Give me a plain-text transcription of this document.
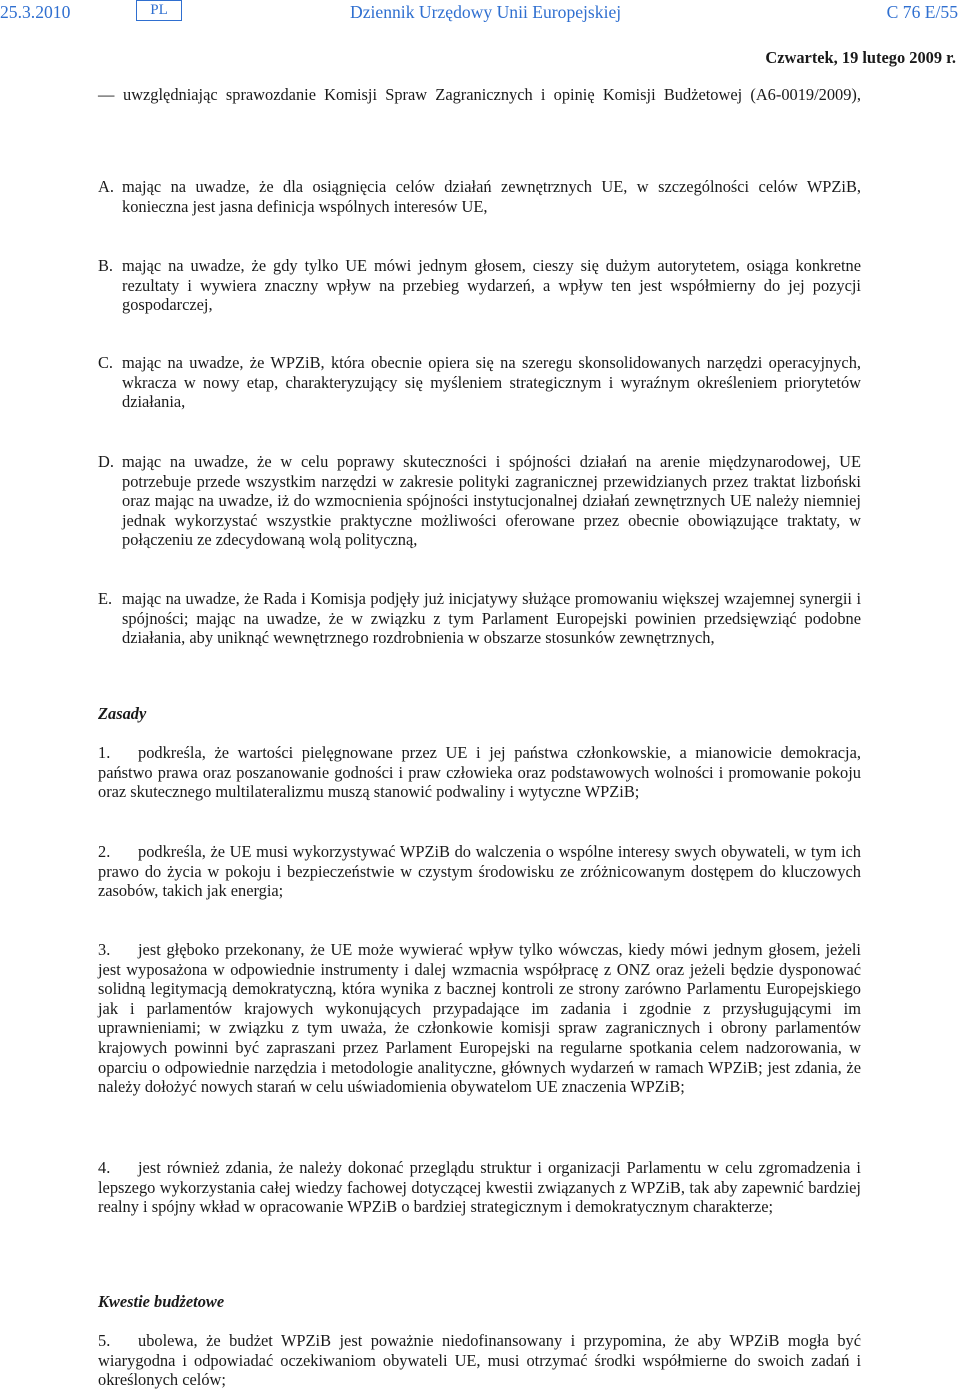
25.3.2010	PL	Dziennik Urzędowy Unii Europejskiej	C 76 E/55
Czwartek, 19 lutego 2009 r.

— uwzględniając sprawozdanie Komisji Spraw Zagranicznych i opinię Komisji Budżetowej (A6-0019/2009),

A. mając na uwadze, że dla osiągnięcia celów działań zewnętrznych UE, w szczególności celów WPZiB, konieczna jest jasna definicja wspólnych interesów UE,

B. mając na uwadze, że gdy tylko UE mówi jednym głosem, cieszy się dużym autorytetem, osiąga konkretne rezultaty i wywiera znaczny wpływ na przebieg wydarzeń, a wpływ ten jest współmierny do jej pozycji gospodarczej,

C. mając na uwadze, że WPZiB, która obecnie opiera się na szeregu skonsolidowanych narzędzi operacyjnych, wkracza w nowy etap, charakteryzujący się myśleniem strategicznym i wyraźnym określeniem priorytetów działania,

D. mając na uwadze, że w celu poprawy skuteczności i spójności działań na arenie międzynarodowej, UE potrzebuje przede wszystkim narzędzi w zakresie polityki zagranicznej przewidzianych przez traktat lizboński oraz mając na uwadze, iż do wzmocnienia spójności instytucjonalnej działań zewnętrznych UE należy niemniej jednak wykorzystać wszystkie praktyczne możliwości oferowane przez obecnie obowiązujące traktaty, w połączeniu ze zdecydowaną wolą polityczną,

E. mając na uwadze, że Rada i Komisja podjęły już inicjatywy służące promowaniu większej wzajemnej synergii i spójności; mając na uwadze, że w związku z tym Parlament Europejski powinien przedsięwziąć podobne działania, aby uniknąć wewnętrznego rozdrobnienia w obszarze stosunków zewnętrznych,

Zasady
1. podkreśla, że wartości pielęgnowane przez UE i jej państwa członkowskie, a mianowicie demokracja, państwo prawa oraz poszanowanie godności i praw człowieka oraz podstawowych wolności i promowanie pokoju oraz skutecznego multilateralizmu muszą stanowić podwaliny i wytyczne WPZiB;
2. podkreśla, że UE musi wykorzystywać WPZiB do walczenia o wspólne interesy swych obywateli, w tym ich prawo do życia w pokoju i bezpieczeństwie w czystym środowisku ze zróżnicowanym dostępem do kluczowych zasobów, takich jak energia;
3. jest głęboko przekonany, że UE może wywierać wpływ tylko wówczas, kiedy mówi jednym głosem, jeżeli jest wyposażona w odpowiednie instrumenty i dalej wzmacnia współpracę z ONZ oraz jeżeli będzie dysponować solidną legitymacją demokratyczną, która wynika z bacznej kontroli ze strony zarówno Parlamentu Europejskiego jak i parlamentów krajowych wykonujących przypadające im zadania i zgodnie z przysługującymi im uprawnieniami; w związku z tym uważa, że członkowie komisji spraw zagranicznych i obrony parlamentów krajowych powinni być zapraszani przez Parlament Europejski na regularne spotkania celem nadzorowania, w oparciu o odpowiednie narzędzia i metodologie analityczne, głównych wydarzeń w ramach WPZiB; jest zdania, że należy dołożyć nowych starań w celu uświadomienia obywatelom UE znaczenia WPZiB;
4. jest również zdania, że należy dokonać przeglądu struktur i organizacji Parlamentu w celu zgromadzenia i lepszego wykorzystania całej wiedzy fachowej dotyczącej kwestii związanych z WPZiB, tak aby zapewnić bardziej realny i spójny wkład w opracowanie WPZiB o bardziej strategicznym i demokratycznym charakterze;
Kwestie budżetowe
5. ubolewa, że budżet WPZiB jest poważnie niedofinansowany i przypomina, że aby WPZiB mogła być wiarygodna i odpowiadać oczekiwaniom obywateli UE, musi otrzymać środki współmierne do swoich zadań i określonych celów;
